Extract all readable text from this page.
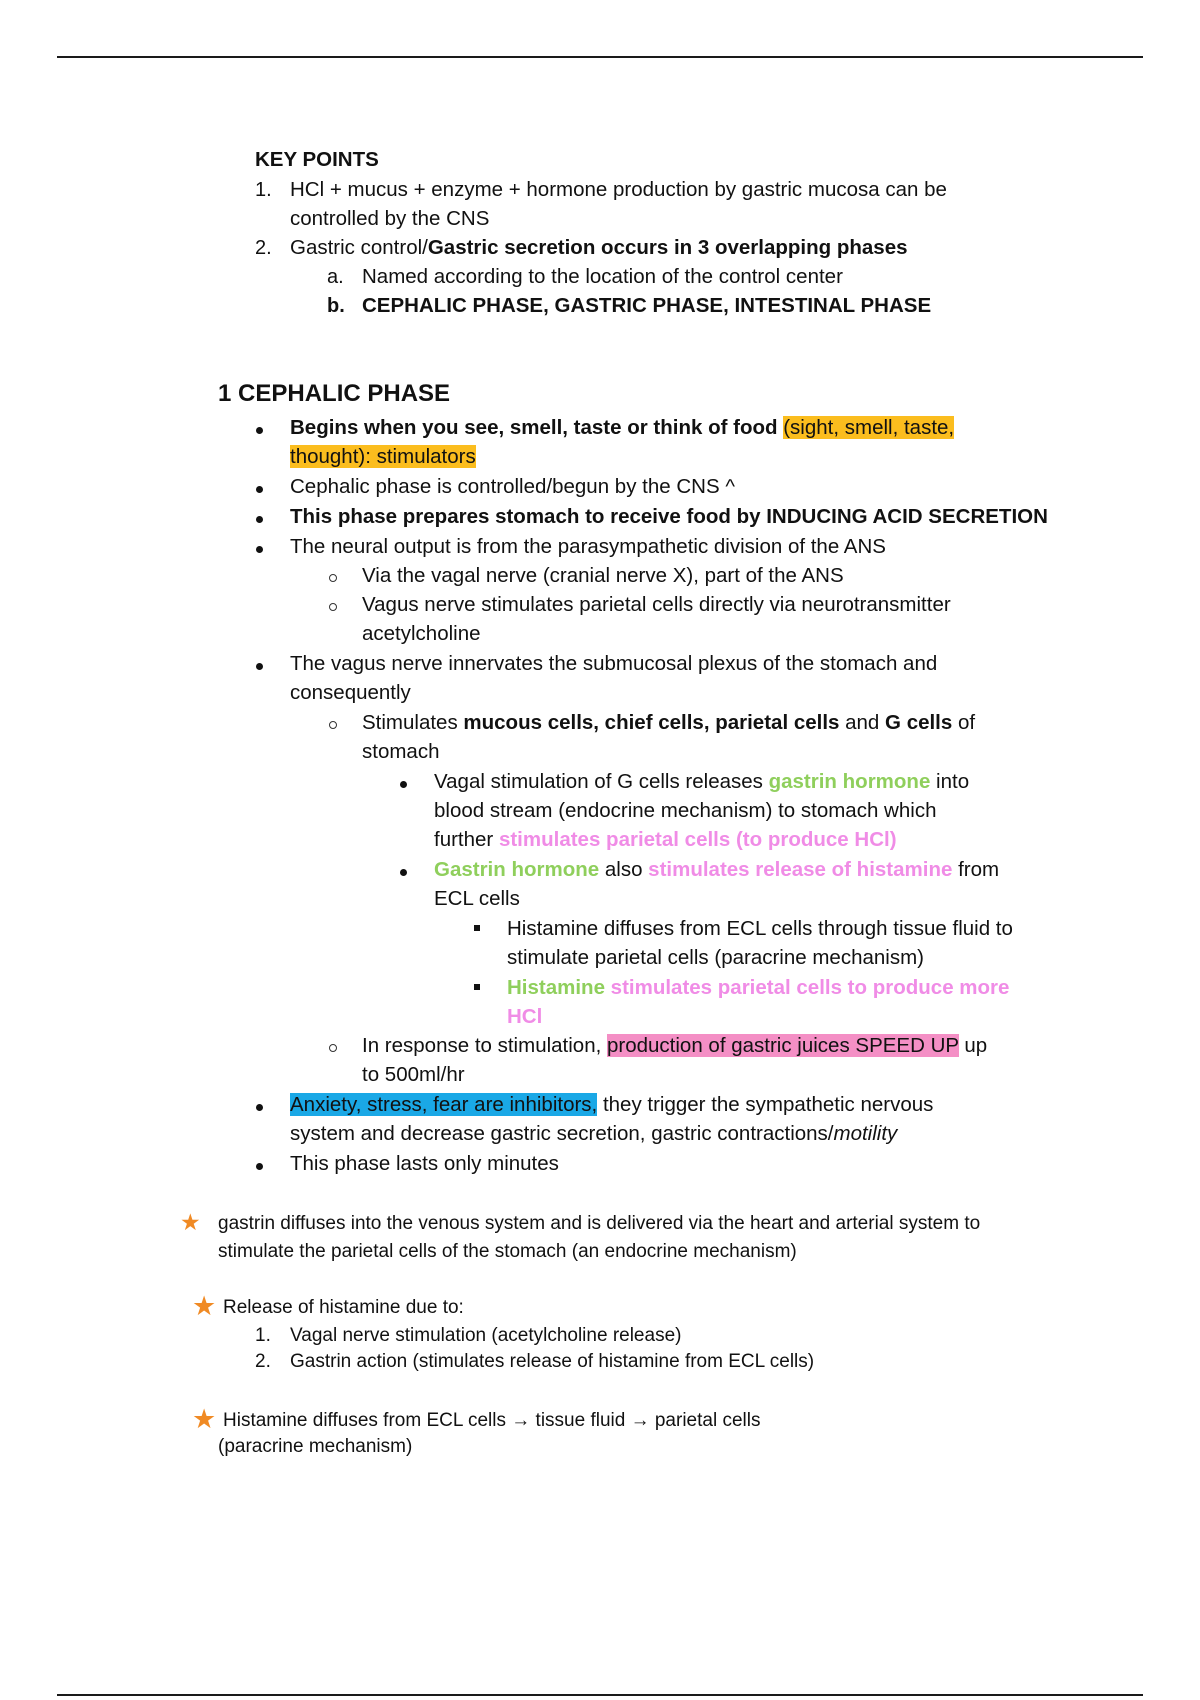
KEY POINTS
1. HCl + mucus + enzyme + hormone production by gastric mucosa can be
controlled by the CNS
2. Gastric control/Gastric secretion occurs in 3 overlapping phases
a. Named according to the location of the control center
b. CEPHALIC PHASE, GASTRIC PHASE, INTESTINAL PHASE
1 CEPHALIC PHASE
Begins when you see, smell, taste or think of food (sight, smell, taste,
thought): stimulators
Cephalic phase is controlled/begun by the CNS ^
This phase prepares stomach to receive food by INDUCING ACID SECRETION
The neural output is from the parasympathetic division of the ANS
Via the vagal nerve (cranial nerve X), part of the ANS
Vagus nerve stimulates parietal cells directly via neurotransmitter
acetylcholine
The vagus nerve innervates the submucosal plexus of the stomach and
consequently
Stimulates mucous cells, chief cells, parietal cells and G cells of
stomach
Vagal stimulation of G cells releases gastrin hormone into
blood stream (endocrine mechanism) to stomach which
further stimulates parietal cells (to produce HCl)
Gastrin hormone also stimulates release of histamine from
ECL cells
Histamine diffuses from ECL cells through tissue fluid to
stimulate parietal cells (paracrine mechanism)
Histamine stimulates parietal cells to produce more
HCl
In response to stimulation, production of gastric juices SPEED UP up
to 500ml/hr
Anxiety, stress, fear are inhibitors, they trigger the sympathetic nervous
system and decrease gastric secretion, gastric contractions/motility
This phase lasts only minutes
★ gastrin diffuses into the venous system and is delivered via the heart and arterial system to
stimulate the parietal cells of the stomach (an endocrine mechanism)
★ Release of histamine due to:
1. Vagal nerve stimulation (acetylcholine release)
2. Gastrin action (stimulates release of histamine from ECL cells)
★ Histamine diffuses from ECL cells → tissue fluid → parietal cells
(paracrine mechanism)
